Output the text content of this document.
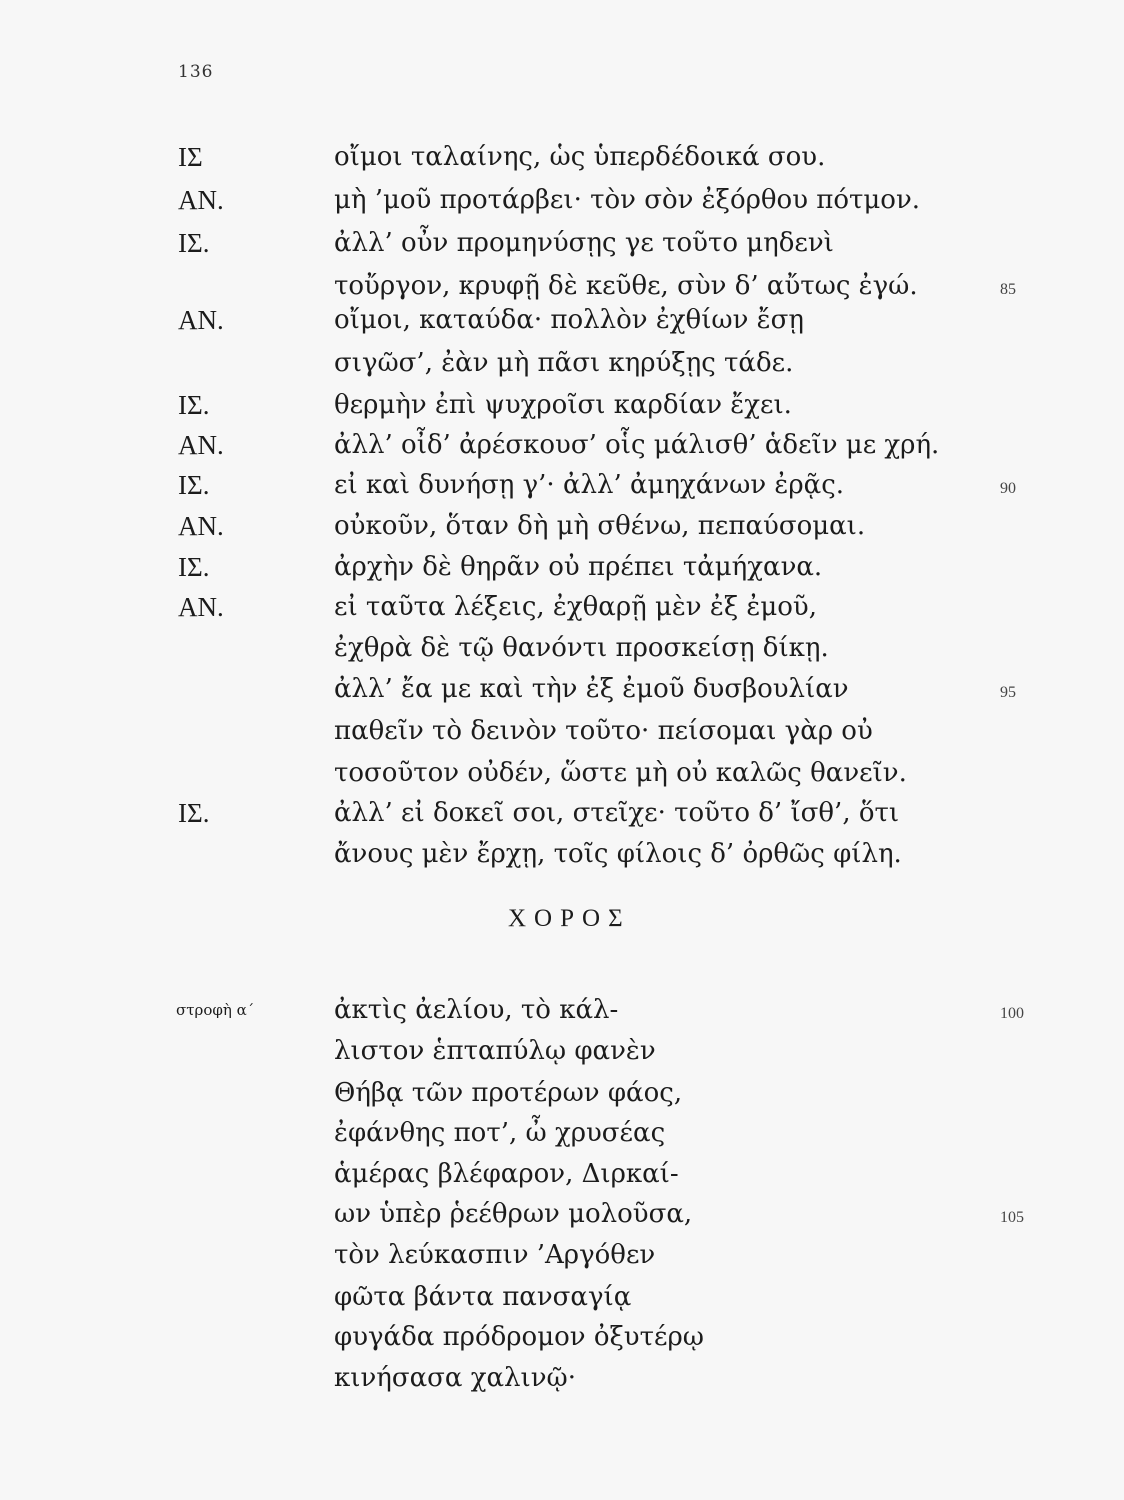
136
ΙΣ	οἴμοι ταλαίνης, ὡς ὑπερδέδοικά σου.
ΑΝ.	μὴ ’μοῦ προτάρβει· τὸν σὸν ἐξόρθου πότμον.
ΙΣ.	ἀλλ’ οὖν προμηνύσῃς γε τοῦτο μηδενὶ
τοὔργον, κρυφῇ δὲ κεῦθε, σὺν δ’ αὔτως ἐγώ.	85
ΑΝ.	οἴμοι, καταύδα· πολλὸν ἐχθίων ἔσῃ
σιγῶσ’, ἐὰν μὴ πᾶσι κηρύξῃς τάδε.
ΙΣ.	θερμὴν ἐπὶ ψυχροῖσι καρδίαν ἔχει.
ΑΝ.	ἀλλ’ οἶδ’ ἀρέσκουσ’ οἷς μάλισθ’ ἁδεῖν με χρή.
ΙΣ.	εἰ καὶ δυνήσῃ γ’· ἀλλ’ ἀμηχάνων ἐρᾷς.	90
ΑΝ.	οὐκοῦν, ὅταν δὴ μὴ σθένω, πεπαύσομαι.
ΙΣ.	ἀρχὴν δὲ θηρᾶν οὐ πρέπει τἀμήχανα.
ΑΝ.	εἰ ταῦτα λέξεις, ἐχθαρῇ μὲν ἐξ ἐμοῦ,
ἐχθρὰ δὲ τῷ θανόντι προσκείσῃ δίκῃ.
ἀλλ’ ἔα με καὶ τὴν ἐξ ἐμοῦ δυσβουλίαν	95
παθεῖν τὸ δεινὸν τοῦτο· πείσομαι γὰρ οὐ
τοσοῦτον οὐδέν, ὥστε μὴ οὐ καλῶς θανεῖν.
ΙΣ.	ἀλλ’ εἰ δοκεῖ σοι, στεῖχε· τοῦτο δ’ ἴσθ’, ὅτι
ἄνους μὲν ἔρχῃ, τοῖς φίλοις δ’ ὀρθῶς φίλη.
ΧΟΡΟΣ
στροφὴ α΄	ἀκτὶς ἀελίου, τὸ κάλ-	100
λιστον ἑπταπύλῳ φανὲν
Θήβᾳ τῶν προτέρων φάος,
ἐφάνθης ποτ’, ὦ χρυσέας
ἁμέρας βλέφαρον, Διρκαί-
ων ὑπὲρ ῥεέθρων μολοῦσα,	105
τὸν λεύκασπιν ’Αργόθεν
φῶτα βάντα πανσαγίᾳ
φυγάδα πρόδρομον ὀξυτέρῳ
κινήσασα χαλινῷ·
